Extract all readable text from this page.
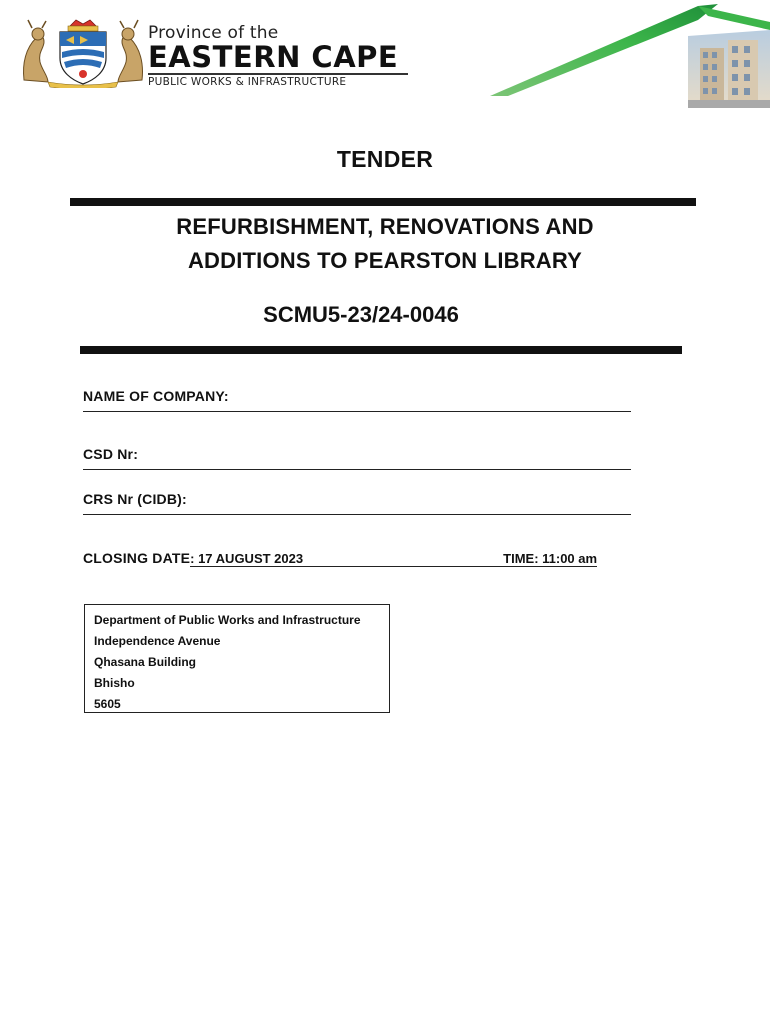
Province of the
EASTERN CAPE
PUBLIC WORKS & INFRASTRUCTURE
TENDER
REFURBISHMENT, RENOVATIONS AND
ADDITIONS TO PEARSTON LIBRARY
SCMU5-23/24-0046
NAME OF COMPANY:
CSD Nr:
CRS Nr (CIDB):
CLOSING DATE: 17 AUGUST 2023	TIME: 11:00 am
Department of Public Works and Infrastructure
Independence Avenue
Qhasana Building
Bhisho
5605
